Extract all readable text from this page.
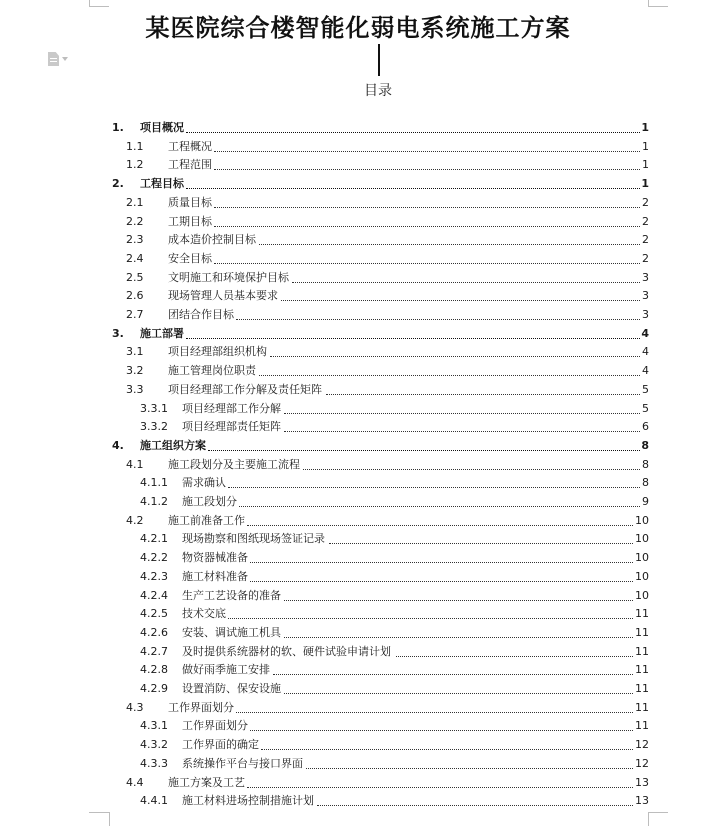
某医院综合楼智能化弱电系统施工方案
目录
1. 项目概况	1
1.1 工程概况	1
1.2 工程范围	1
2. 工程目标	1
2.1 质量目标	2
2.2 工期目标	2
2.3 成本造价控制目标	2
2.4 安全目标	2
2.5 文明施工和环境保护目标	3
2.6 现场管理人员基本要求	3
2.7 团结合作目标	3
3. 施工部署	4
3.1 项目经理部组织机构	4
3.2 施工管理岗位职责	4
3.3 项目经理部工作分解及责任矩阵	5
3.3.1 项目经理部工作分解	5
3.3.2 项目经理部责任矩阵	6
4. 施工组织方案	8
4.1 施工段划分及主要施工流程	8
4.1.1 需求确认	8
4.1.2 施工段划分	9
4.2 施工前准备工作	10
4.2.1 现场勘察和图纸现场签证记录	10
4.2.2 物资器械准备	10
4.2.3 施工材料准备	10
4.2.4 生产工艺设备的准备	10
4.2.5 技术交底	11
4.2.6 安装、调试施工机具	11
4.2.7 及时提供系统器材的软、硬件试验申请计划	11
4.2.8 做好雨季施工安排	11
4.2.9 设置消防、保安设施	11
4.3 工作界面划分	11
4.3.1 工作界面划分	11
4.3.2 工作界面的确定	12
4.3.3 系统操作平台与接口界面	12
4.4 施工方案及工艺	13
4.4.1 施工材料进场控制措施计划	13
